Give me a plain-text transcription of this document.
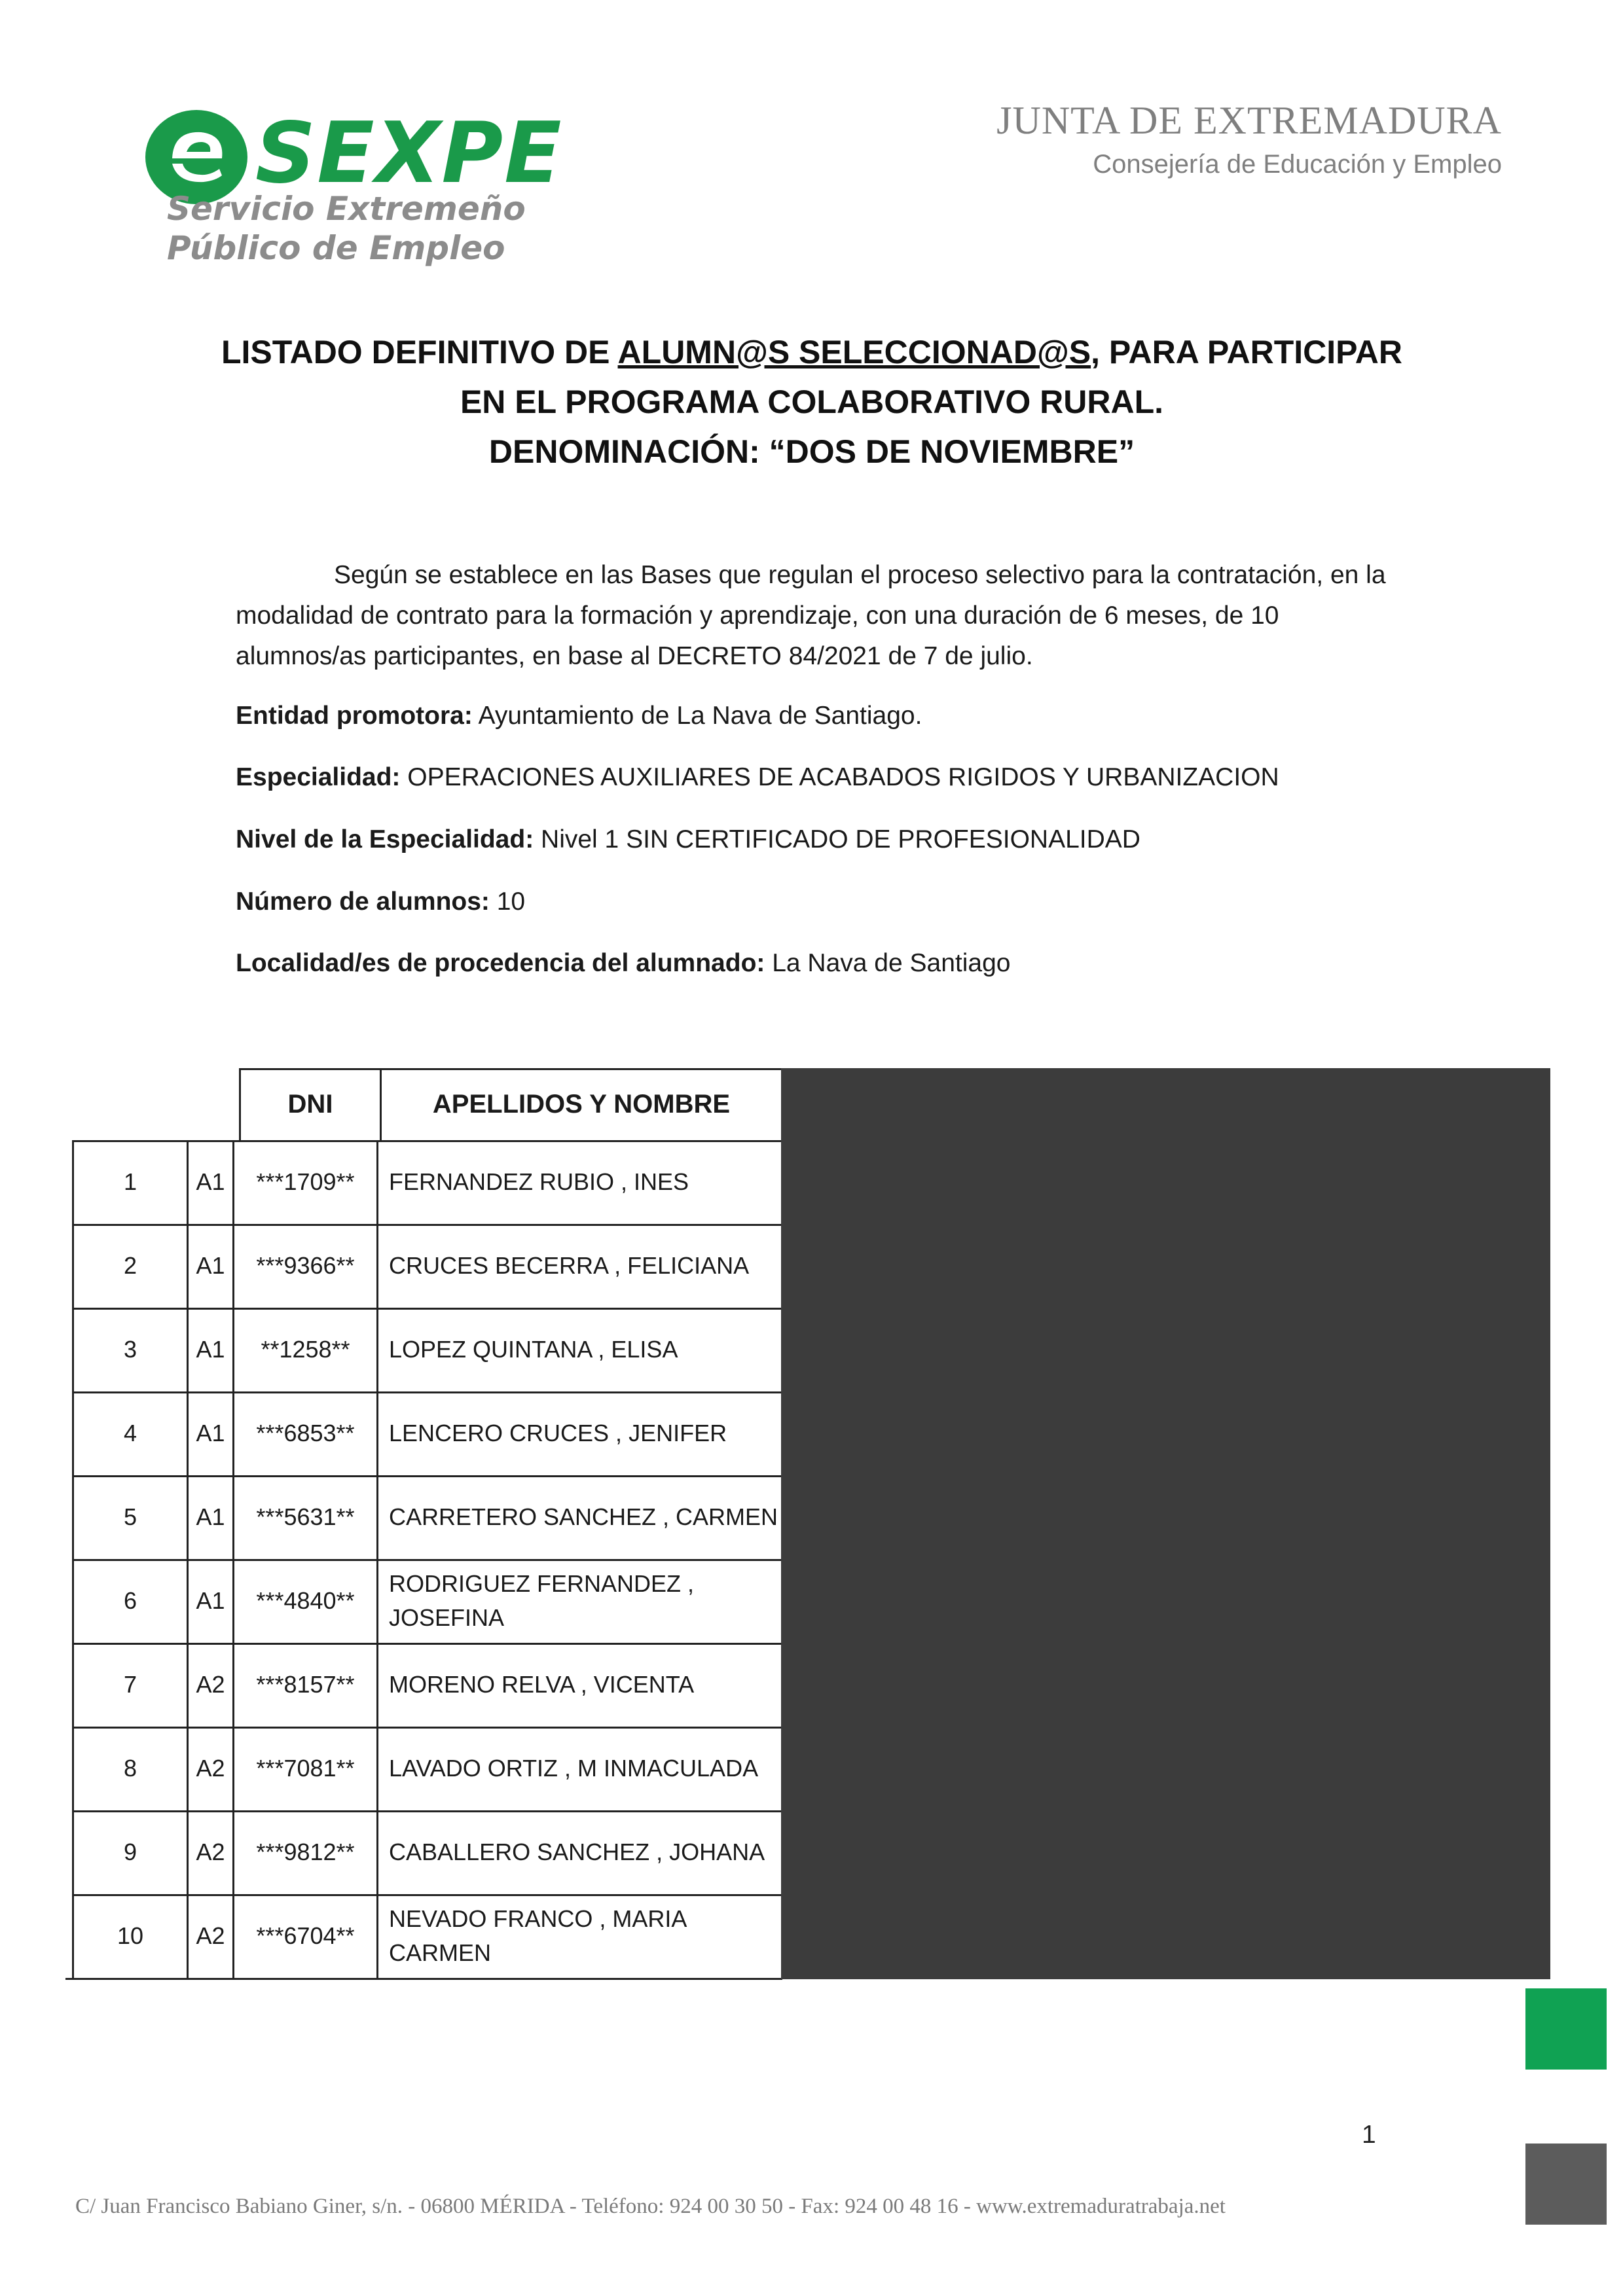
SEXPE
Servicio Extremeño
Público de Empleo
JUNTA DE EXTREMADURA
Consejería de Educación y Empleo
LISTADO DEFINITIVO DE ALUMN@S SELECCIONAD@S, PARA PARTICIPAR
EN EL PROGRAMA COLABORATIVO RURAL.
DENOMINACIÓN: “DOS DE NOVIEMBRE”
Según se establece en las Bases que regulan el proceso selectivo para la contratación, en la modalidad de contrato para la formación y aprendizaje, con una duración de 6 meses, de 10 alumnos/as participantes, en base al DECRETO 84/2021 de 7 de julio.
Entidad promotora: Ayuntamiento de La Nava de Santiago.
Especialidad: OPERACIONES AUXILIARES DE ACABADOS RIGIDOS Y URBANIZACION
Nivel de la Especialidad: Nivel 1 SIN CERTIFICADO DE PROFESIONALIDAD
Número de alumnos: 10
Localidad/es de procedencia del alumnado: La Nava de Santiago
DNI	APELLIDOS Y NOMBRE
1	A1	***1709**	FERNANDEZ RUBIO , INES
2	A1	***9366**	CRUCES BECERRA , FELICIANA
3	A1	**1258**	LOPEZ QUINTANA , ELISA
4	A1	***6853**	LENCERO CRUCES , JENIFER
5	A1	***5631**	CARRETERO SANCHEZ , CARMEN
6	A1	***4840**
RODRIGUEZ FERNANDEZ , JOSEFINA
7	A2	***8157**	MORENO RELVA , VICENTA
8	A2	***7081**	LAVADO ORTIZ , M INMACULADA
9	A2	***9812**	CABALLERO SANCHEZ , JOHANA
10	A2	***6704**
NEVADO FRANCO , MARIA CARMEN
1
C/ Juan Francisco Babiano Giner, s/n. - 06800 MÉRIDA - Teléfono: 924 00 30 50 - Fax: 924 00 48 16 - www.extremaduratrabaja.net
